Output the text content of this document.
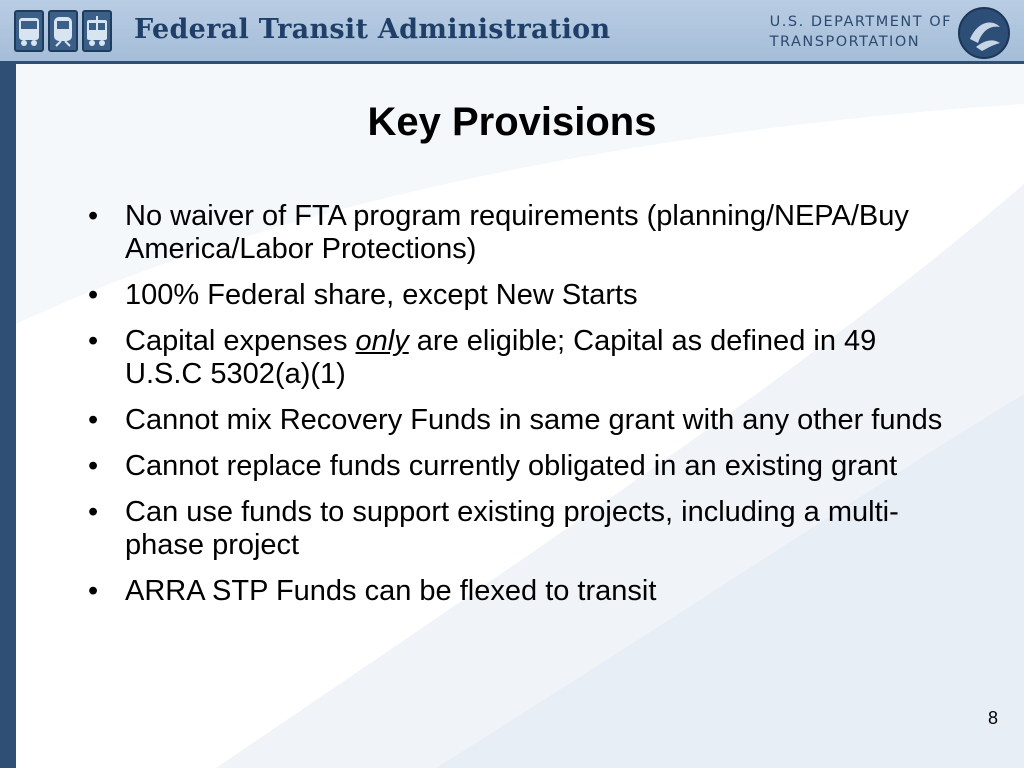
Federal Transit Administration	U.S. DEPARTMENT OF
TRANSPORTATION
Key Provisions
• No waiver of FTA program requirements (planning/NEPA/Buy America/Labor Protections)
• 100% Federal share, except New Starts
• Capital expenses only are eligible; Capital as defined in 49 U.S.C 5302(a)(1)
• Cannot mix Recovery Funds in same grant with any other funds
• Cannot replace funds currently obligated in an existing grant
• Can use funds to support existing projects, including a multi-phase project
• ARRA STP Funds can be flexed to transit
8
